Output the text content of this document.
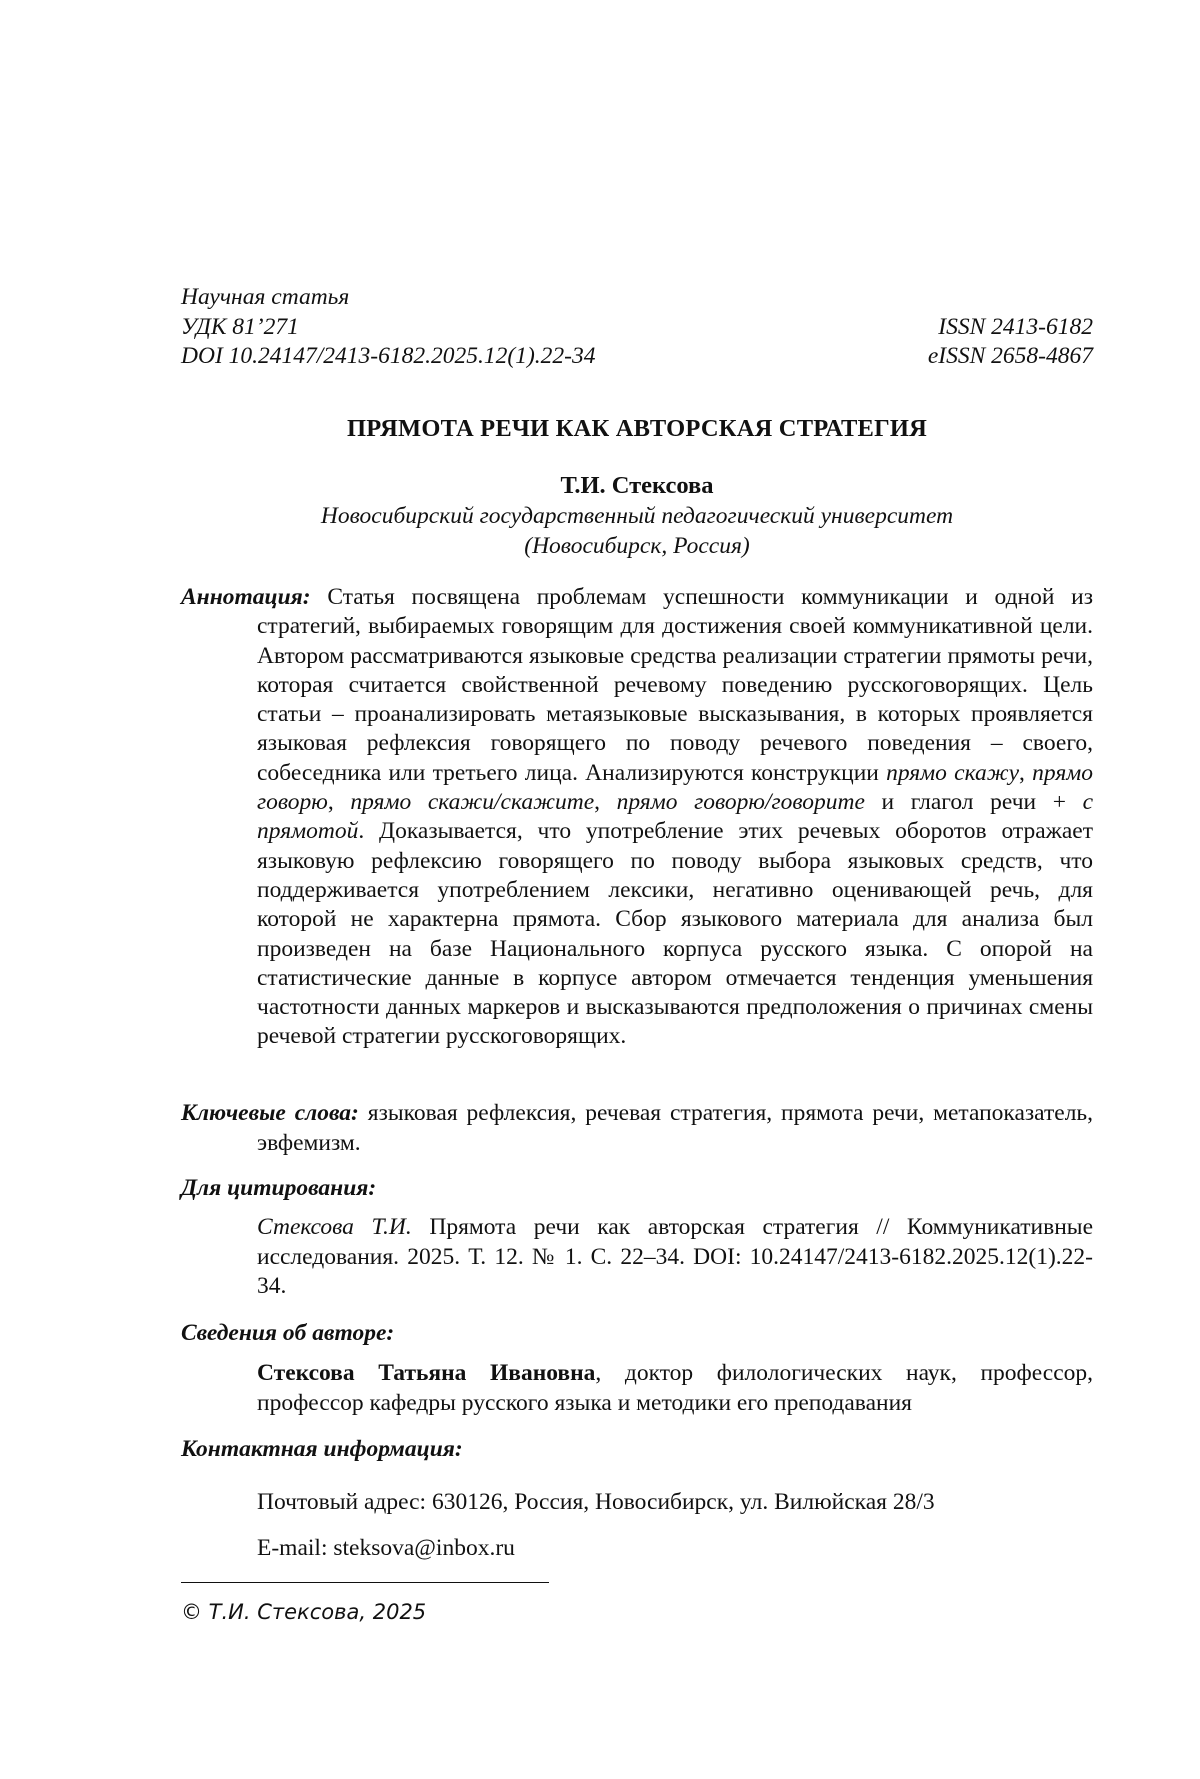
Научная статья
УДК 81’271	ISSN 2413-6182
DOI 10.24147/2413-6182.2025.12(1).22-34	eISSN 2658-4867
ПРЯМОТА РЕЧИ КАК АВТОРСКАЯ СТРАТЕГИЯ
Т.И. Стексова
Новосибирский государственный педагогический университет
(Новосибирск, Россия)
Аннотация: Статья посвящена проблемам успешности коммуникации и одной из стратегий, выбираемых говорящим для достижения своей коммуникативной цели. Автором рассматриваются языковые средства реализации стратегии прямоты речи, которая считается свойственной речевому поведению русскоговорящих. Цель статьи – проанализировать метаязыковые высказывания, в которых проявляется языковая рефлексия говорящего по поводу речевого поведения – своего, собеседника или третьего лица. Анализируются конструкции прямо скажу, прямо говорю, прямо скажи/скажите, прямо говорю/говорите и глагол речи + с прямотой. Доказывается, что употребление этих речевых оборотов отражает языковую рефлексию говорящего по поводу выбора языковых средств, что поддерживается употреблением лексики, негативно оценивающей речь, для которой не характерна прямота. Сбор языкового материала для анализа был произведен на базе Национального корпуса русского языка. С опорой на статистические данные в корпусе автором отмечается тенденция уменьшения частотности данных маркеров и высказываются предположения о причинах смены речевой стратегии русскоговорящих.
Ключевые слова: языковая рефлексия, речевая стратегия, прямота речи, метапоказатель, эвфемизм.
Для цитирования:
Стексова Т.И. Прямота речи как авторская стратегия // Коммуникативные исследования. 2025. Т. 12. № 1. С. 22–34. DOI: 10.24147/2413-6182.2025.12(1).22-34.
Сведения об авторе:
Стексова Татьяна Ивановна, доктор филологических наук, профессор, профессор кафедры русского языка и методики его преподавания
Контактная информация:
Почтовый адрес: 630126, Россия, Новосибирск, ул. Вилюйская 28/3
E-mail: steksova@inbox.ru
© Т.И. Стексова, 2025
